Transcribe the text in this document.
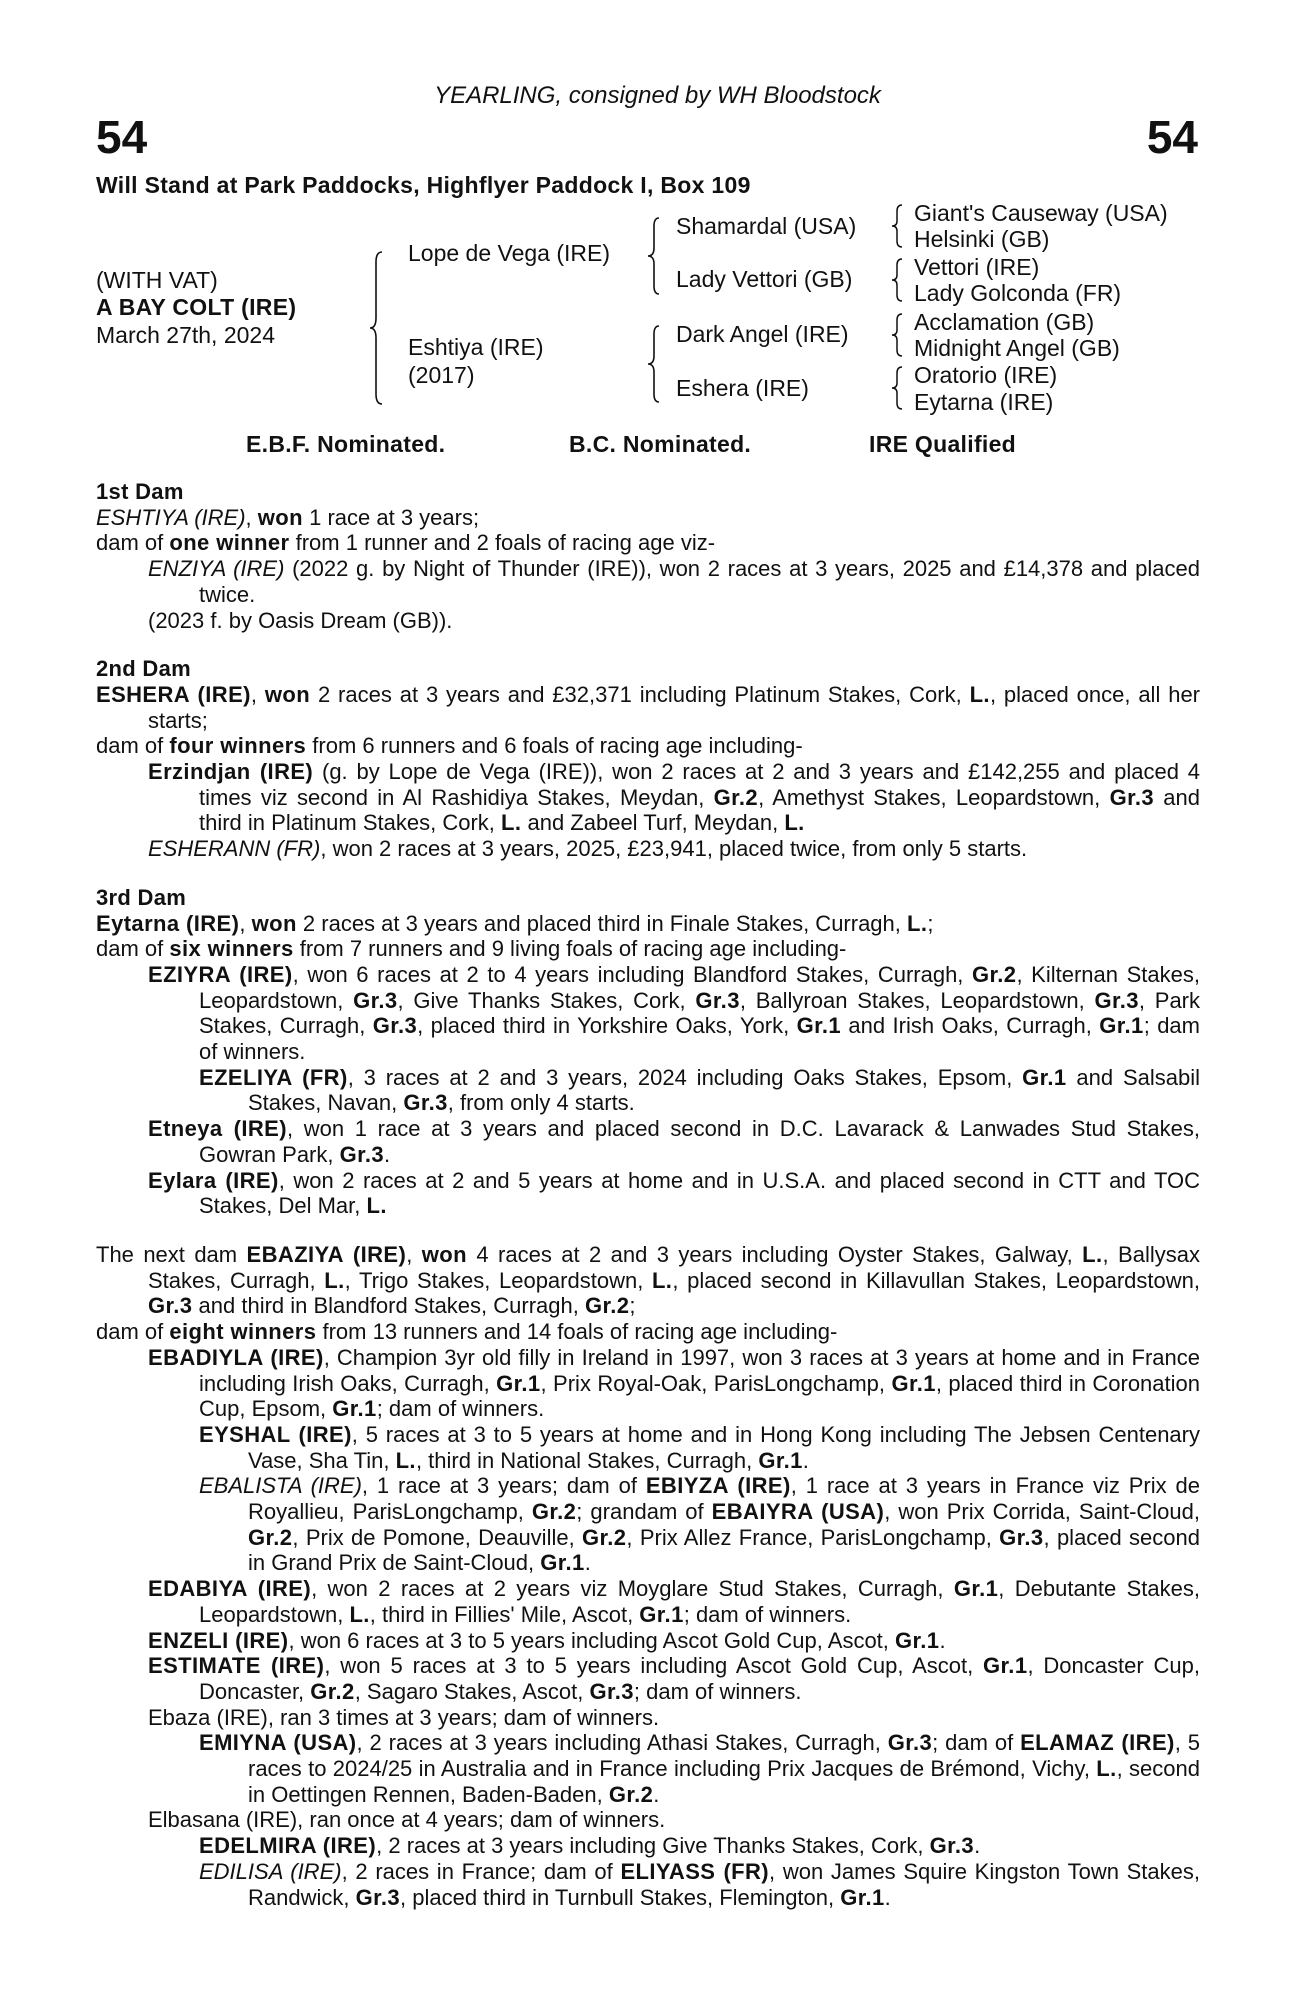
YEARLING, consigned by WH Bloodstock
54	54
Will Stand at Park Paddocks, Highflyer Paddock I, Box 109
(WITH VAT)
A BAY COLT (IRE)
March 27th, 2024
Lope de Vega (IRE)
Eshtiya (IRE)
(2017)
Shamardal (USA)
Lady Vettori (GB)
Dark Angel (IRE)
Eshera (IRE)
Giant's Causeway (USA)
Helsinki (GB)
Vettori (IRE)
Lady Golconda (FR)
Acclamation (GB)
Midnight Angel (GB)
Oratorio (IRE)
Eytarna (IRE)
E.B.F. Nominated.	B.C. Nominated.	IRE Qualified
1st Dam
ESHTIYA (IRE), won 1 race at 3 years;
dam of one winner from 1 runner and 2 foals of racing age viz-
ENZIYA (IRE) (2022 g. by Night of Thunder (IRE)), won 2 races at 3 years, 2025 and £14,378 and placed twice.
(2023 f. by Oasis Dream (GB)).
2nd Dam
ESHERA (IRE), won 2 races at 3 years and £32,371 including Platinum Stakes, Cork, L., placed once, all her starts;
dam of four winners from 6 runners and 6 foals of racing age including-
Erzindjan (IRE) (g. by Lope de Vega (IRE)), won 2 races at 2 and 3 years and £142,255 and placed 4 times viz second in Al Rashidiya Stakes, Meydan, Gr.2, Amethyst Stakes, Leopardstown, Gr.3 and third in Platinum Stakes, Cork, L. and Zabeel Turf, Meydan, L.
ESHERANN (FR), won 2 races at 3 years, 2025, £23,941, placed twice, from only 5 starts.
3rd Dam
Eytarna (IRE), won 2 races at 3 years and placed third in Finale Stakes, Curragh, L.;
dam of six winners from 7 runners and 9 living foals of racing age including-
EZIYRA (IRE), won 6 races at 2 to 4 years including Blandford Stakes, Curragh, Gr.2, Kilternan Stakes, Leopardstown, Gr.3, Give Thanks Stakes, Cork, Gr.3, Ballyroan Stakes, Leopardstown, Gr.3, Park Stakes, Curragh, Gr.3, placed third in Yorkshire Oaks, York, Gr.1 and Irish Oaks, Curragh, Gr.1; dam of winners.
EZELIYA (FR), 3 races at 2 and 3 years, 2024 including Oaks Stakes, Epsom, Gr.1 and Salsabil Stakes, Navan, Gr.3, from only 4 starts.
Etneya (IRE), won 1 race at 3 years and placed second in D.C. Lavarack & Lanwades Stud Stakes, Gowran Park, Gr.3.
Eylara (IRE), won 2 races at 2 and 5 years at home and in U.S.A. and placed second in CTT and TOC Stakes, Del Mar, L.
The next dam EBAZIYA (IRE), won 4 races at 2 and 3 years including Oyster Stakes, Galway, L., Ballysax Stakes, Curragh, L., Trigo Stakes, Leopardstown, L., placed second in Killavullan Stakes, Leopardstown, Gr.3 and third in Blandford Stakes, Curragh, Gr.2;
dam of eight winners from 13 runners and 14 foals of racing age including-
EBADIYLA (IRE), Champion 3yr old filly in Ireland in 1997, won 3 races at 3 years at home and in France including Irish Oaks, Curragh, Gr.1, Prix Royal-Oak, ParisLongchamp, Gr.1, placed third in Coronation Cup, Epsom, Gr.1; dam of winners.
EYSHAL (IRE), 5 races at 3 to 5 years at home and in Hong Kong including The Jebsen Centenary Vase, Sha Tin, L., third in National Stakes, Curragh, Gr.1.
EBALISTA (IRE), 1 race at 3 years; dam of EBIYZA (IRE), 1 race at 3 years in France viz Prix de Royallieu, ParisLongchamp, Gr.2; grandam of EBAIYRA (USA), won Prix Corrida, Saint-Cloud, Gr.2, Prix de Pomone, Deauville, Gr.2, Prix Allez France, ParisLongchamp, Gr.3, placed second in Grand Prix de Saint-Cloud, Gr.1.
EDABIYA (IRE), won 2 races at 2 years viz Moyglare Stud Stakes, Curragh, Gr.1, Debutante Stakes, Leopardstown, L., third in Fillies' Mile, Ascot, Gr.1; dam of winners.
ENZELI (IRE), won 6 races at 3 to 5 years including Ascot Gold Cup, Ascot, Gr.1.
ESTIMATE (IRE), won 5 races at 3 to 5 years including Ascot Gold Cup, Ascot, Gr.1, Doncaster Cup, Doncaster, Gr.2, Sagaro Stakes, Ascot, Gr.3; dam of winners.
Ebaza (IRE), ran 3 times at 3 years; dam of winners.
EMIYNA (USA), 2 races at 3 years including Athasi Stakes, Curragh, Gr.3; dam of ELAMAZ (IRE), 5 races to 2024/25 in Australia and in France including Prix Jacques de Brémond, Vichy, L., second in Oettingen Rennen, Baden-Baden, Gr.2.
Elbasana (IRE), ran once at 4 years; dam of winners.
EDELMIRA (IRE), 2 races at 3 years including Give Thanks Stakes, Cork, Gr.3.
EDILISA (IRE), 2 races in France; dam of ELIYASS (FR), won James Squire Kingston Town Stakes, Randwick, Gr.3, placed third in Turnbull Stakes, Flemington, Gr.1.
